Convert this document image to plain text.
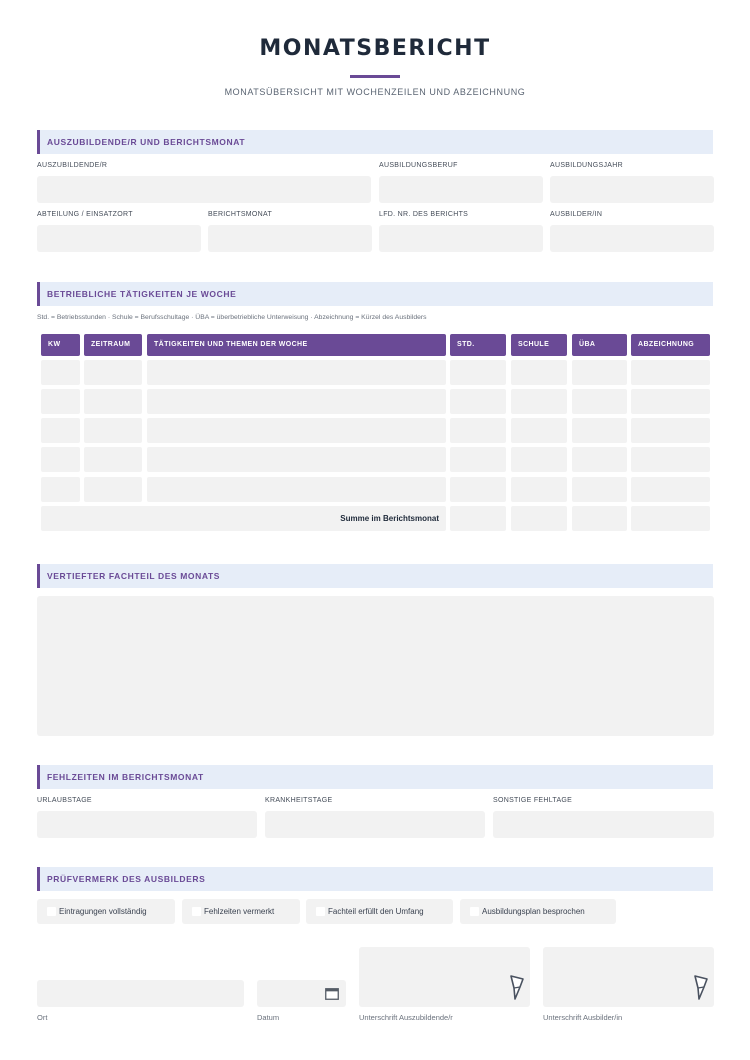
MONATSBERICHT
MONATSÜBERSICHT MIT WOCHENZEILEN UND ABZEICHNUNG
AUSZUBILDENDE/R UND BERICHTSMONAT
AUSZUBILDENDE/R	AUSBILDUNGSBERUF	AUSBILDUNGSJAHR
ABTEILUNG / EINSATZORT	BERICHTSMONAT	LFD. NR. DES BERICHTS	AUSBILDER/IN
BETRIEBLICHE TÄTIGKEITEN JE WOCHE
Std. = Betriebsstunden · Schule = Berufsschultage · ÜBA = überbetriebliche Unterweisung · Abzeichnung = Kürzel des Ausbilders
KW	ZEITRAUM	TÄTIGKEITEN UND THEMEN DER WOCHE	STD.	SCHULE	ÜBA	ABZEICHNUNG
Summe im Berichtsmonat
VERTIEFTER FACHTEIL DES MONATS
FEHLZEITEN IM BERICHTSMONAT
URLAUBSTAGE	KRANKHEITSTAGE	SONSTIGE FEHLTAGE
PRÜFVERMERK DES AUSBILDERS
Eintragungen vollständig	Fehlzeiten vermerkt	Fachteil erfüllt den Umfang	Ausbildungsplan besprochen
Ort	Datum	Unterschrift Auszubildende/r	Unterschrift Ausbilder/in
